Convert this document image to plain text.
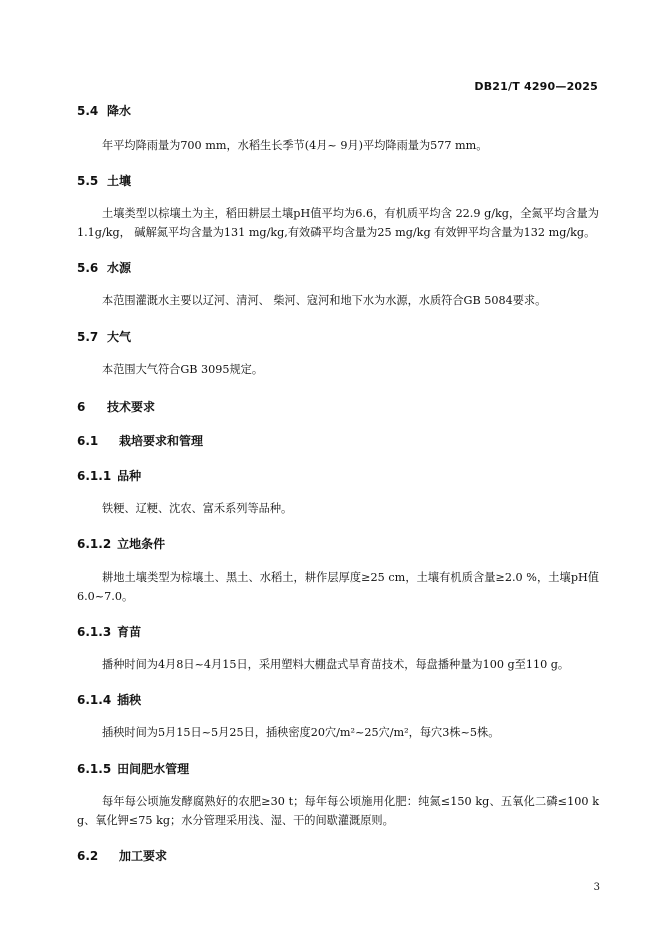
DB21/T 4290—2025
5.4 降水
年平均降雨量为700 mm，水稻生长季节(4月~ 9月)平均降雨量为577 mm。
5.5 土壤
土壤类型以棕壤土为主，稻田耕层土壤pH值平均为6.6，有机质平均含 22.9 g/kg，全氮平均含量为1.1g/kg， 碱解氮平均含量为131 mg/kg,有效磷平均含量为25 mg/kg 有效钾平均含量为132 mg/kg。
5.6 水源
本范围灌溉水主要以辽河、清河、 柴河、寇河和地下水为水源，水质符合GB 5084要求。
5.7 大气
本范围大气符合GB 3095规定。
6 技术要求
6.1 栽培要求和管理
6.1.1 品种
铁粳、辽粳、沈农、富禾系列等品种。
6.1.2 立地条件
耕地土壤类型为棕壤土、黑土、水稻土，耕作层厚度≥25 cm，土壤有机质含量≥2.0 %，土壤pH值6.0~7.0。
6.1.3 育苗
播种时间为4月8日~4月15日，采用塑料大棚盘式旱育苗技术，每盘播种量为100 g至110 g。
6.1.4 插秧
插秧时间为5月15日~5月25日，插秧密度20穴/m²~25穴/m²，每穴3株~5株。
6.1.5 田间肥水管理
每年每公顷施发酵腐熟好的农肥≥30 t；每年每公顷施用化肥：纯氮≤150 kg、五氧化二磷≤100 kg、氧化钾≤75 kg；水分管理采用浅、湿、干的间歇灌溉原则。
6.2 加工要求
3
